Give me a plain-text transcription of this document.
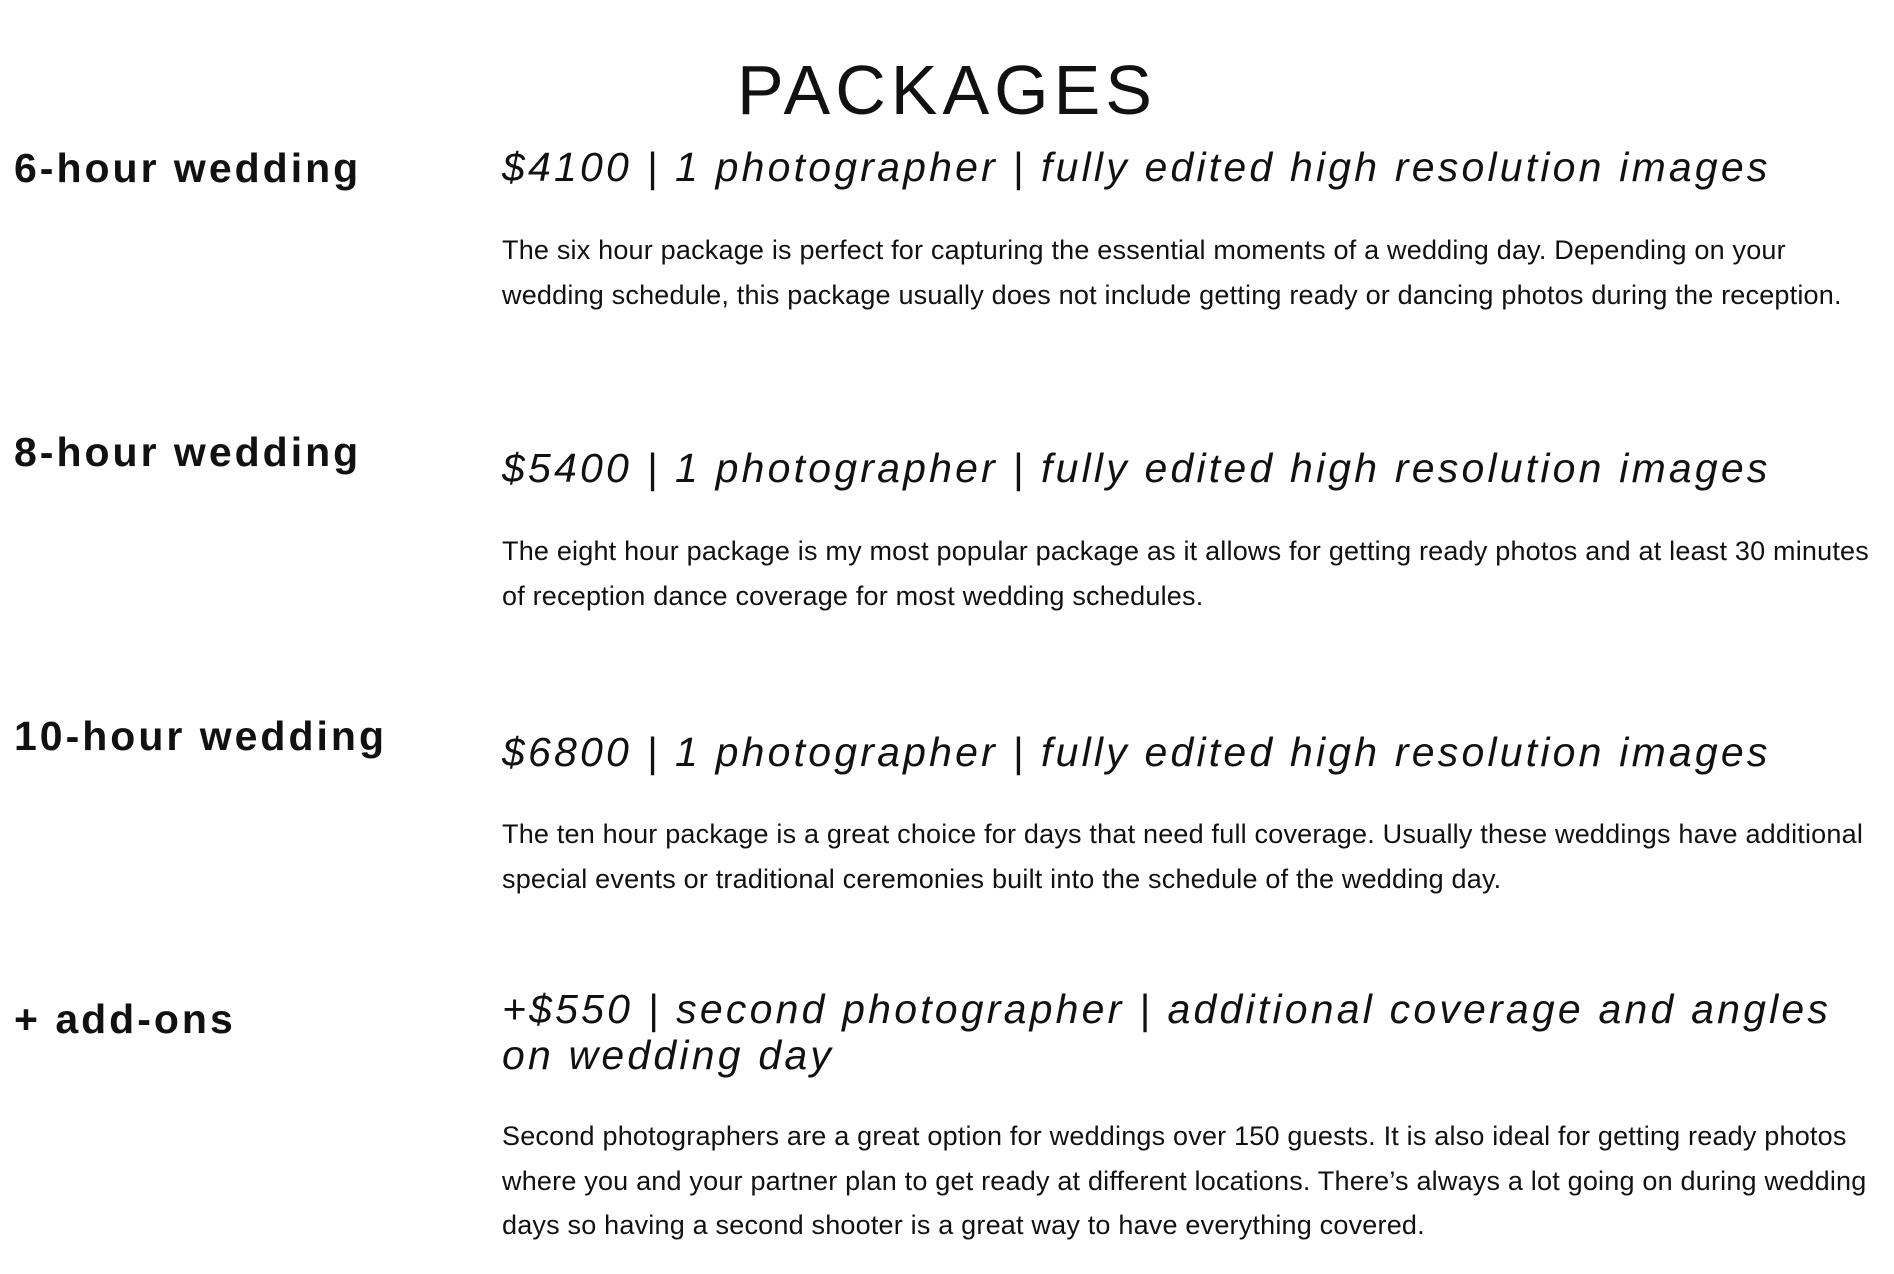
PACKAGES
6-hour wedding	$4100 | 1 photographer | fully edited high resolution images
The six hour package is perfect for capturing the essential moments of a wedding day. Depending on your wedding schedule, this package usually does not include getting ready or dancing photos during the reception.
8-hour wedding	$5400 | 1 photographer | fully edited high resolution images
The eight hour package is my most popular package as it allows for getting ready photos and at least 30 minutes of reception dance coverage for most wedding schedules.
10-hour wedding	$6800 | 1 photographer | fully edited high resolution images
The ten hour package is a great choice for days that need full coverage. Usually these weddings have additional special events or traditional ceremonies built into the schedule of the wedding day.
+ add-ons	+$550 | second photographer | additional coverage and angles on wedding day
Second photographers are a great option for weddings over 150 guests. It is also ideal for getting ready photos where you and your partner plan to get ready at different locations. There’s always a lot going on during wedding days so having a second shooter is a great way to have everything covered.
